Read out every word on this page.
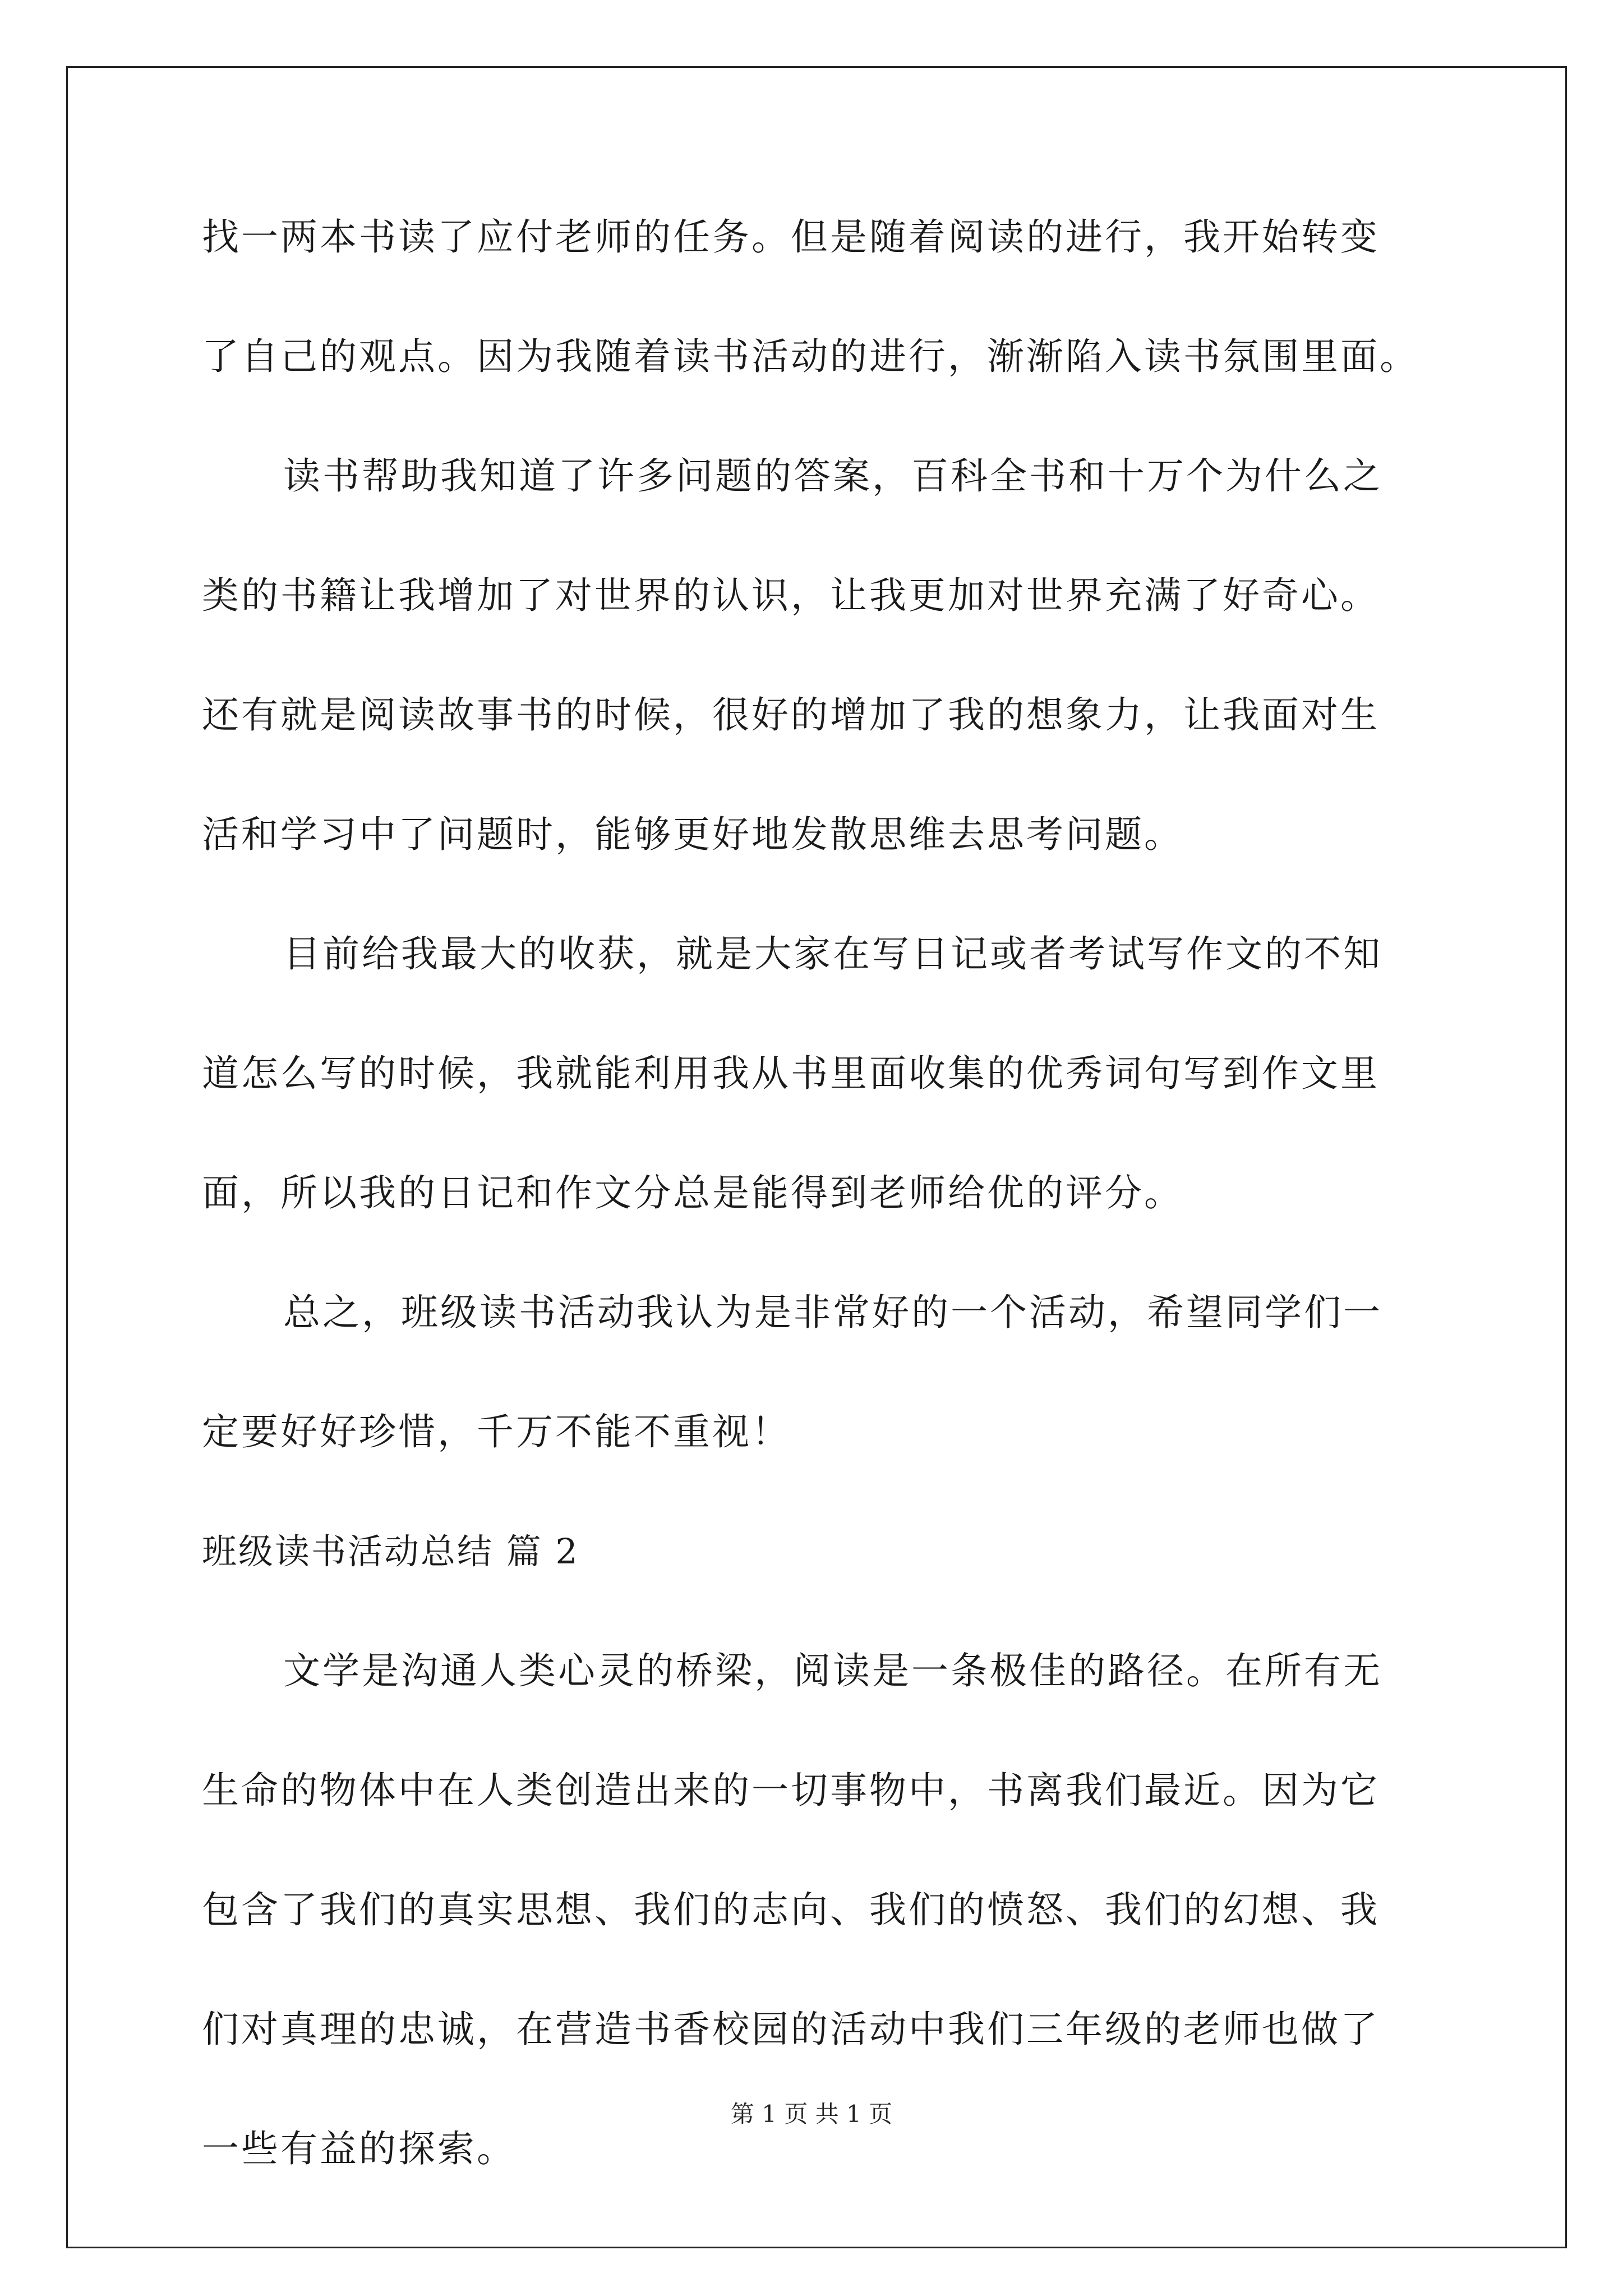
找一两本书读了应付老师的任务。但是随着阅读的进行，我开始转变
了自己的观点。因为我随着读书活动的进行，渐渐陷入读书氛围里面。
读书帮助我知道了许多问题的答案，百科全书和十万个为什么之
类的书籍让我增加了对世界的认识，让我更加对世界充满了好奇心。
还有就是阅读故事书的时候，很好的增加了我的想象力，让我面对生
活和学习中了问题时，能够更好地发散思维去思考问题。
目前给我最大的收获，就是大家在写日记或者考试写作文的不知
道怎么写的时候，我就能利用我从书里面收集的优秀词句写到作文里
面，所以我的日记和作文分总是能得到老师给优的评分。
总之，班级读书活动我认为是非常好的一个活动，希望同学们一
定要好好珍惜，千万不能不重视！
班级读书活动总结 篇 2
文学是沟通人类心灵的桥梁，阅读是一条极佳的路径。在所有无
生命的物体中在人类创造出来的一切事物中，书离我们最近。因为它
包含了我们的真实思想、我们的志向、我们的愤怒、我们的幻想、我
们对真理的忠诚，在营造书香校园的活动中我们三年级的老师也做了
一些有益的探索。
第 1 页 共 1 页
